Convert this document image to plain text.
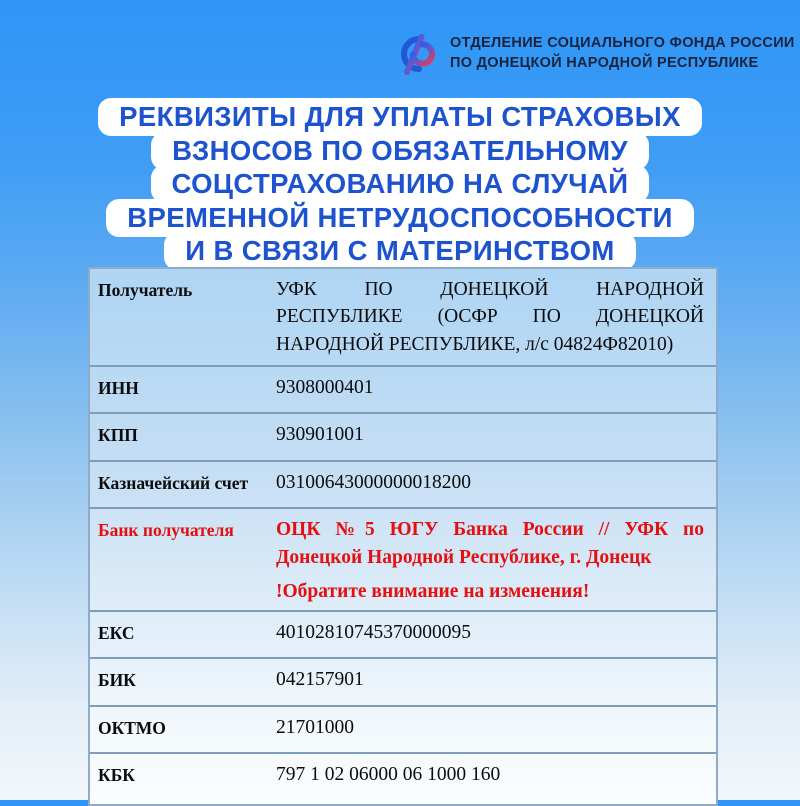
ОТДЕЛЕНИЕ СОЦИАЛЬНОГО ФОНДА РОССИИ
ПО ДОНЕЦКОЙ НАРОДНОЙ РЕСПУБЛИКЕ
РЕКВИЗИТЫ ДЛЯ УПЛАТЫ СТРАХОВЫХ
ВЗНОСОВ ПО ОБЯЗАТЕЛЬНОМУ
СОЦСТРАХОВАНИЮ НА СЛУЧАЙ
ВРЕМЕННОЙ НЕТРУДОСПОСОБНОСТИ
И В СВЯЗИ С МАТЕРИНСТВОМ
Получатель	УФК ПО ДОНЕЦКОЙ НАРОДНОЙ РЕСПУБЛИКЕ (ОСФР ПО ДОНЕЦКОЙ НАРОДНОЙ РЕСПУБЛИКЕ, л/с 04824Ф82010)
ИНН	9308000401
КПП	930901001
Казначейский счет	03100643000000018200
Банк получателя	ОЦК №5 ЮГУ Банка России // УФК по Донецкой Народной Республике, г. Донецк
!Обратите внимание на изменения!
ЕКС	40102810745370000095
БИК	042157901
ОКТМО	21701000
КБК	797 1 02 06000 06 1000 160
